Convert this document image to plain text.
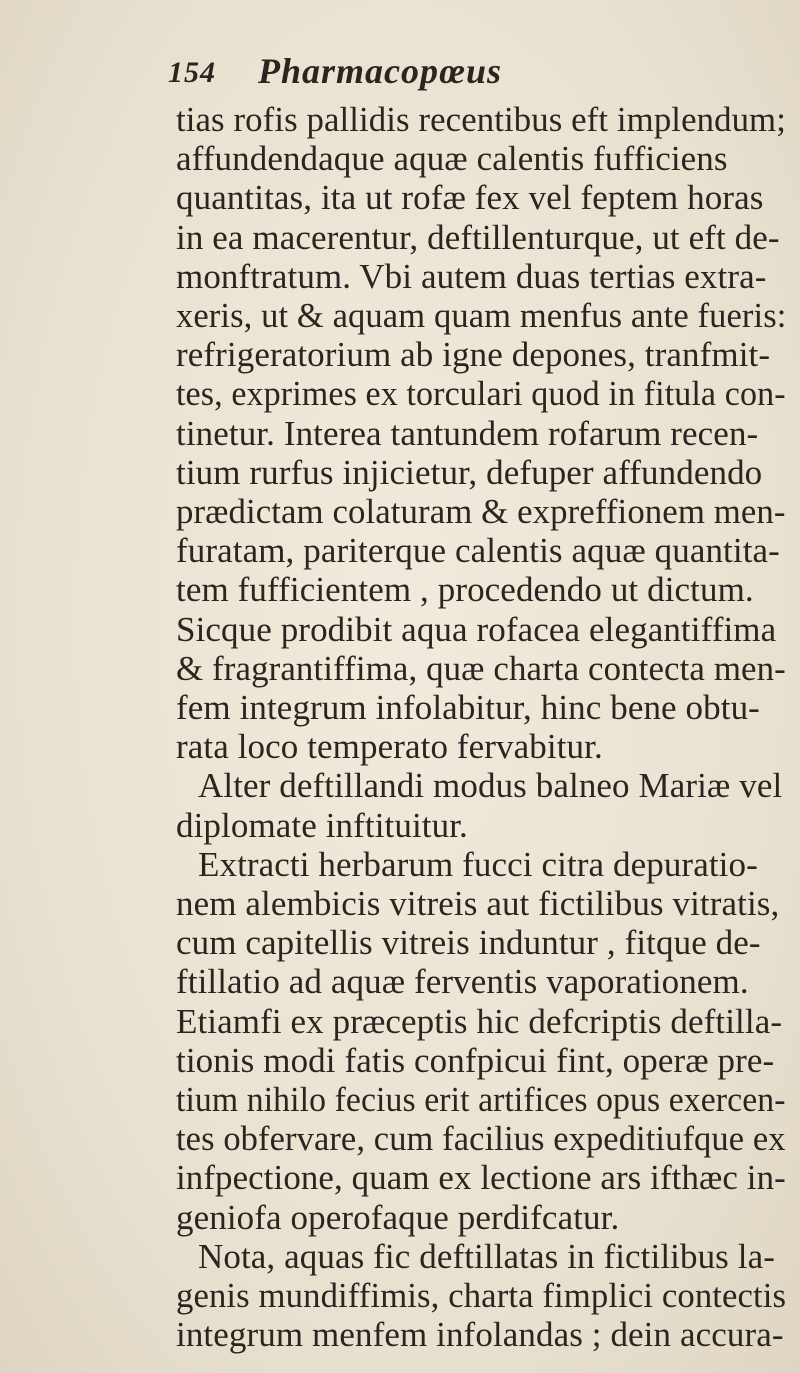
154 Pharmacopœus
tias rofis pallidis recentibus eft implendum;
affundendaque aquæ calentis fufficiens
quantitas, ita ut rofæ fex vel feptem horas
in ea macerentur, deftillenturque, ut eft de-
monftratum. Vbi autem duas tertias extra-
xeris, ut & aquam quam menfus ante fueris:
refrigeratorium ab igne depones, tranfmit-
tes, exprimes ex torculari quod in fitula con-
tinetur. Interea tantundem rofarum recen-
tium rurfus injicietur, defuper affundendo
prædictam colaturam & expreffionem men-
furatam, pariterque calentis aquæ quantita-
tem fufficientem , procedendo ut dictum.
Sicque prodibit aqua rofacea elegantiffima
& fragrantiffima, quæ charta contecta men-
fem integrum infolabitur, hinc bene obtu-
rata loco temperato fervabitur.
Alter deftillandi modus balneo Mariæ vel
diplomate inftituitur.
Extracti herbarum fucci citra depuratio-
nem alembicis vitreis aut fictilibus vitratis,
cum capitellis vitreis induntur , fitque de-
ftillatio ad aquæ ferventis vaporationem.
Etiamfi ex præceptis hic defcriptis deftilla-
tionis modi fatis confpicui fint, operæ pre-
tium nihilo fecius erit artifices opus exercen-
tes obfervare, cum facilius expeditiufque ex
infpectione, quam ex lectione ars ifthæc in-
geniofa operofaque perdifcatur.
Nota, aquas fic deftillatas in fictilibus la-
genis mundiffimis, charta fimplici contectis
integrum menfem infolandas ; dein accura-
